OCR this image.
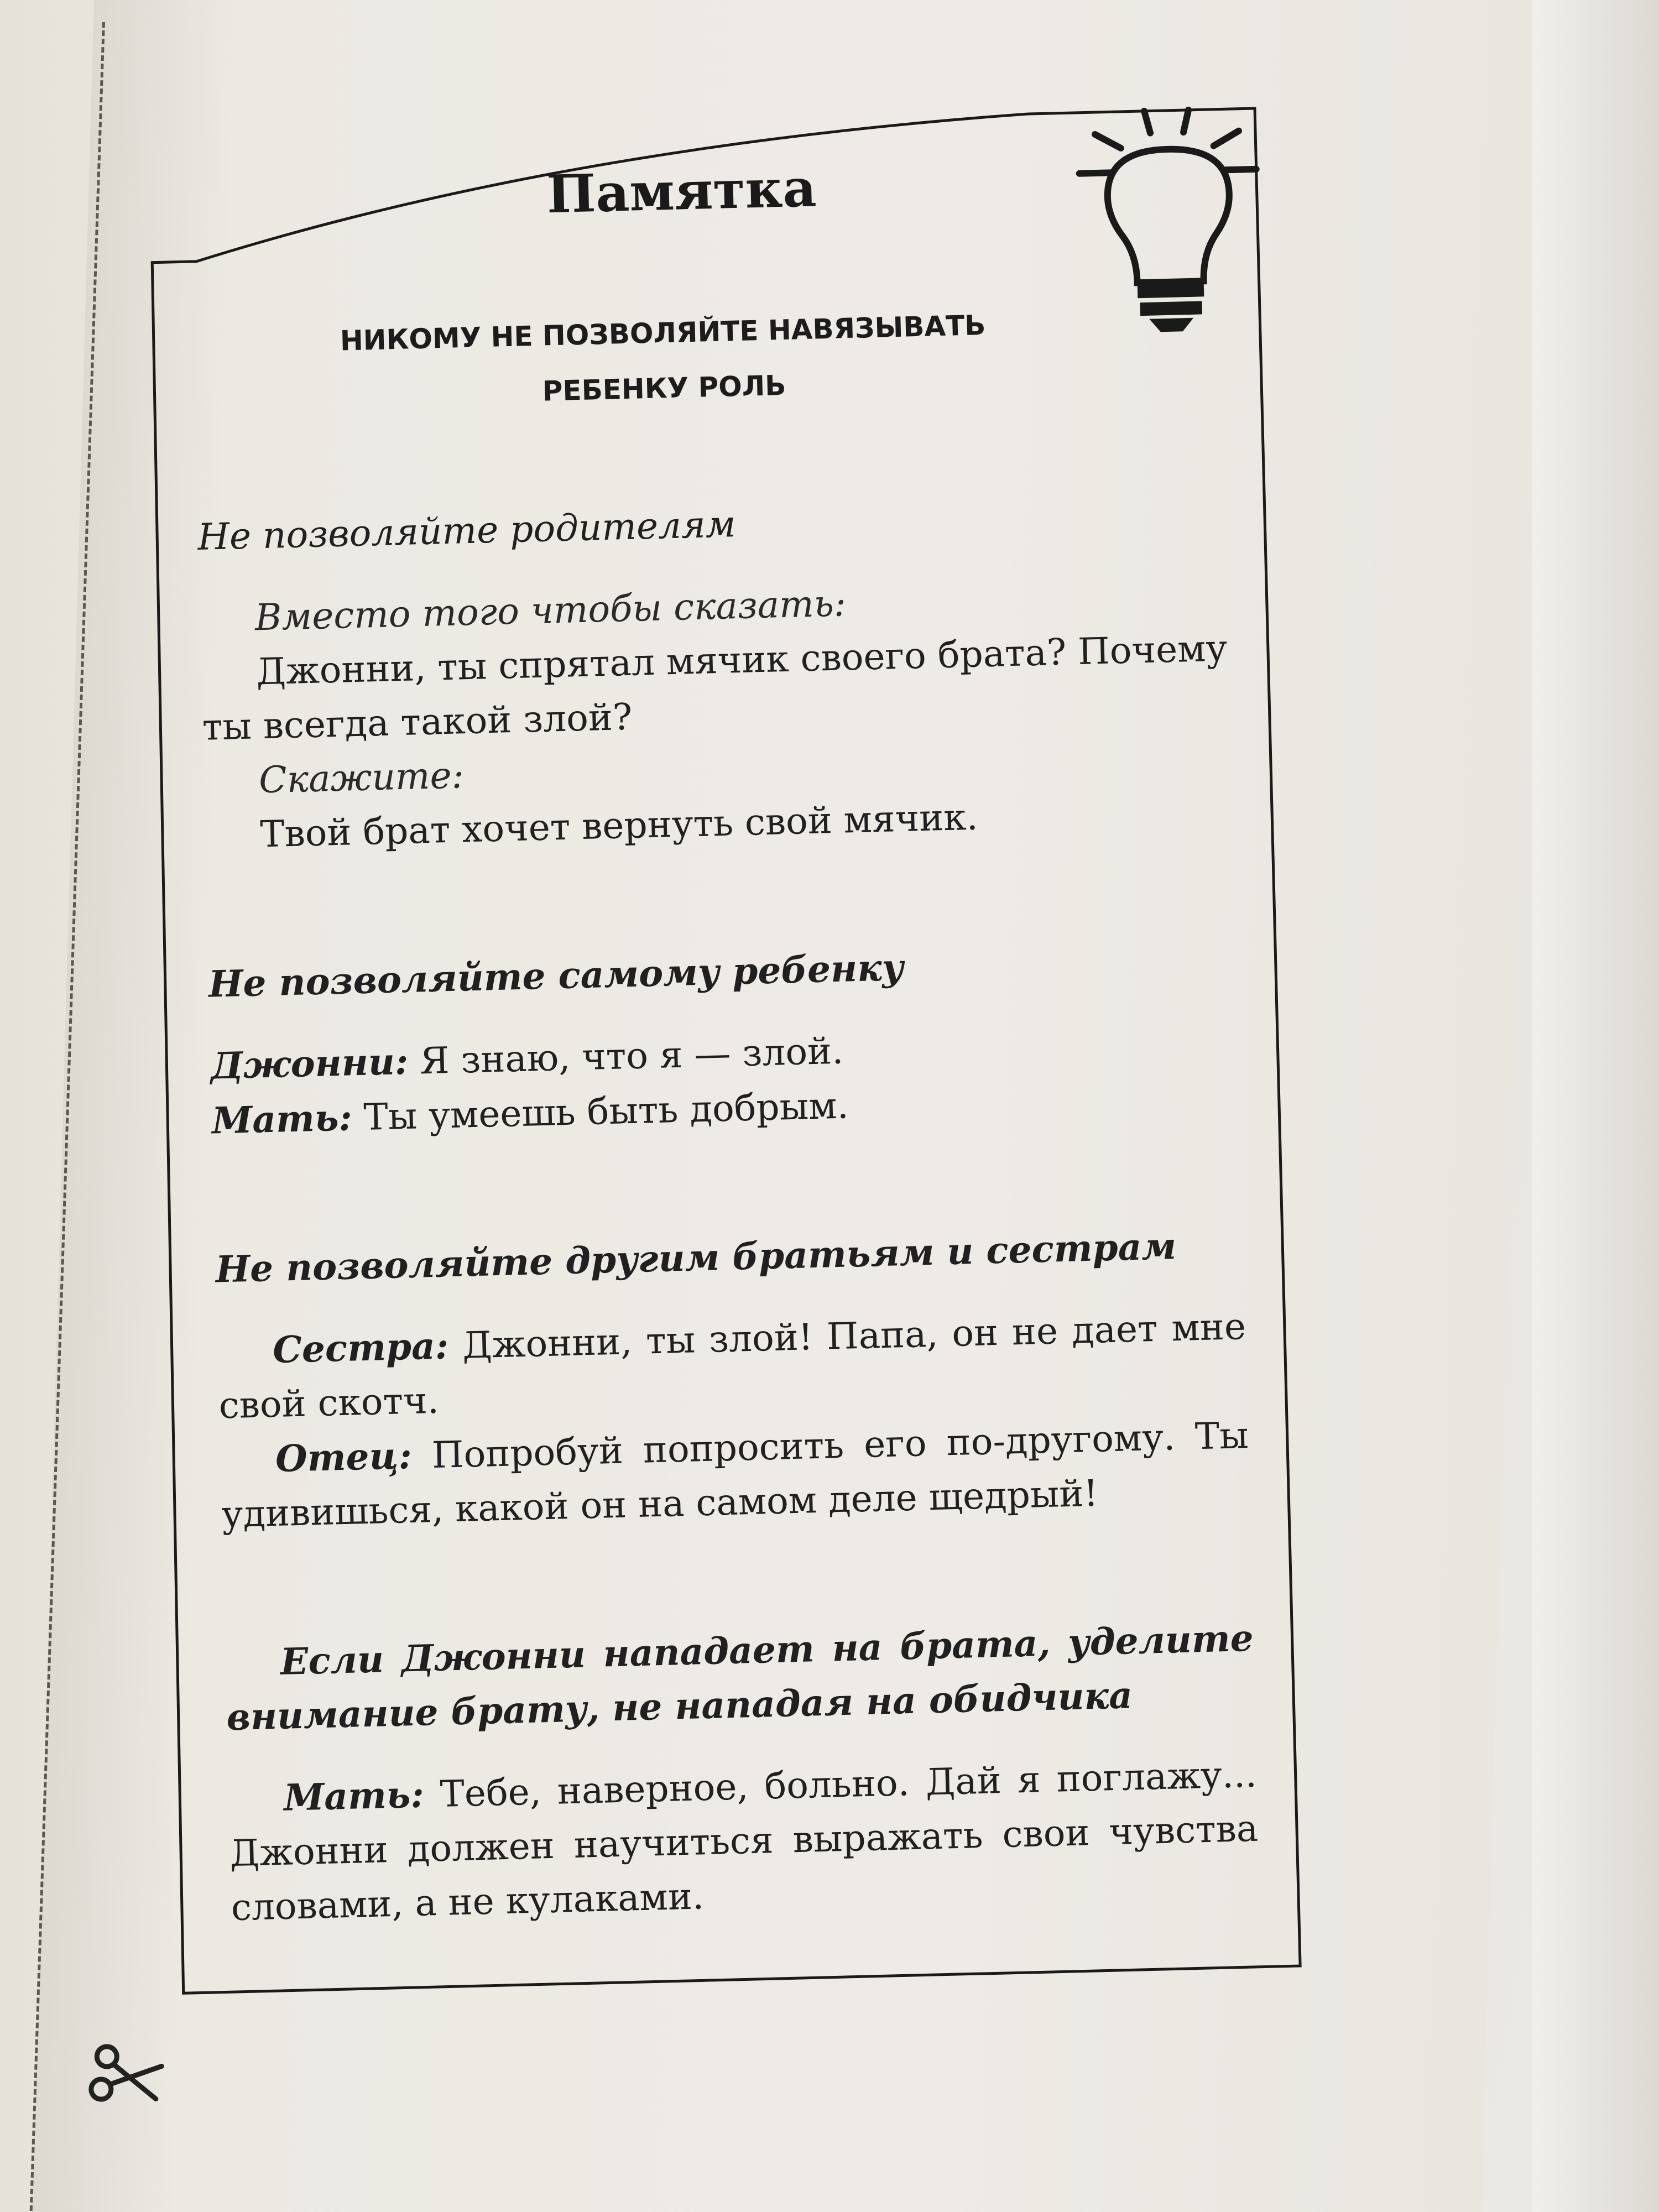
Памятка
НИКОМУ НЕ ПОЗВОЛЯЙТЕ НАВЯЗЫВАТЬ
РЕБЕНКУ РОЛЬ

Не позволяйте родителям

Вместо того чтобы сказать:

Джонни, ты спрятал мячик своего брата? Почему ты всегда такой злой?

Скажите:

Твой брат хочет вернуть свой мячик.

Не позволяйте самому ребенку

Джонни: Я знаю, что я — злой.

Мать: Ты умеешь быть добрым.

Не позволяйте другим братьям и сестрам

Сестра: Джонни, ты злой! Папа, он не дает мне свой скотч.

Отец: Попробуй попросить его по-другому. Ты удивишься, какой он на самом деле щедрый!

Если Джонни нападает на брата, уделите внимание брату, не нападая на обидчика

Мать: Тебе, наверное, больно. Дай я поглажу... Джонни должен научиться выражать свои чувства словами, а не кулаками.
